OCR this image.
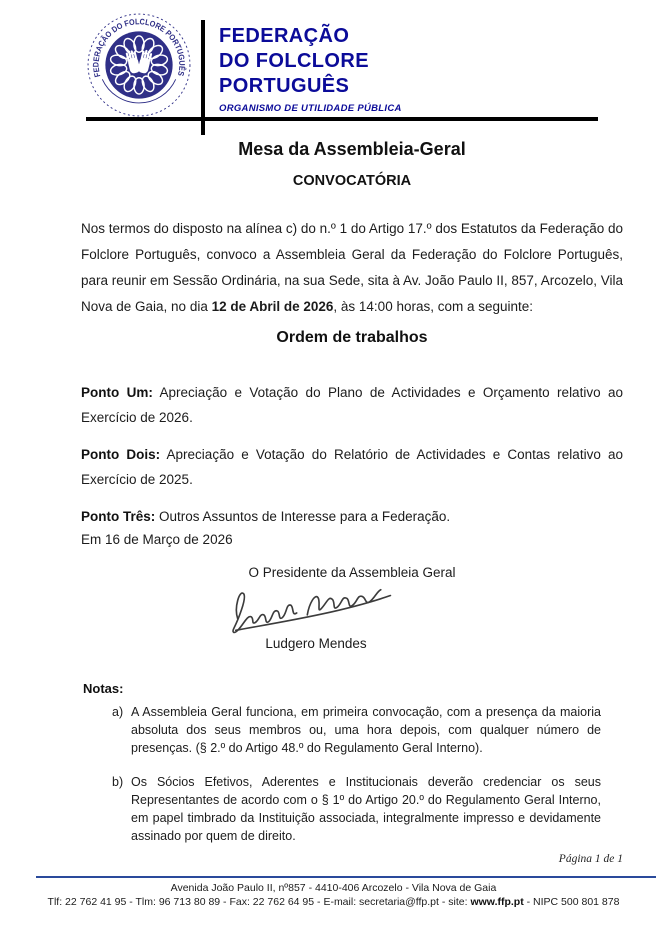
FEDERAÇÃO DO FOLCLORE PORTUGUÊS
FEDERAÇÃO
DO FOLCLORE
PORTUGUÊS
ORGANISMO DE UTILIDADE PÚBLICA
Mesa da Assembleia-Geral
CONVOCATÓRIA

Nos termos do disposto na alínea c) do n.º 1 do Artigo 17.º dos Estatutos da Federação do Folclore Português, convoco a Assembleia Geral da Federação do Folclore Português, para reunir em Sessão Ordinária, na sua Sede, sita à Av. João Paulo II, 857, Arcozelo, Vila Nova de Gaia, no dia 12 de Abril de 2026, às 14:00 horas, com a seguinte:

Ordem de trabalhos

Ponto Um: Apreciação e Votação do Plano de Actividades e Orçamento relativo ao Exercício de 2026.

Ponto Dois: Apreciação e Votação do Relatório de Actividades e Contas relativo ao Exercício de 2025.

Ponto Três: Outros Assuntos de Interesse para a Federação.

Em 16 de Março de 2026
O Presidente da Assembleia Geral
Ludgero Mendes
Notas:
a) A Assembleia Geral funciona, em primeira convocação, com a presença da maioria absoluta dos seus membros ou, uma hora depois, com qualquer número de presenças. (§ 2.º do Artigo 48.º do Regulamento Geral Interno).
b) Os Sócios Efetivos, Aderentes e Institucionais deverão credenciar os seus Representantes de acordo com o § 1º do Artigo 20.º do Regulamento Geral Interno, em papel timbrado da Instituição associada, integralmente impresso e devidamente assinado por quem de direito.
Página 1 de 1
Avenida João Paulo II, nº857 - 4410-406 Arcozelo - Vila Nova de Gaia
Tlf: 22 762 41 95 - Tlm: 96 713 80 89 - Fax: 22 762 64 95 - E-mail: secretaria@ffp.pt - site: www.ffp.pt - NIPC 500 801 878
